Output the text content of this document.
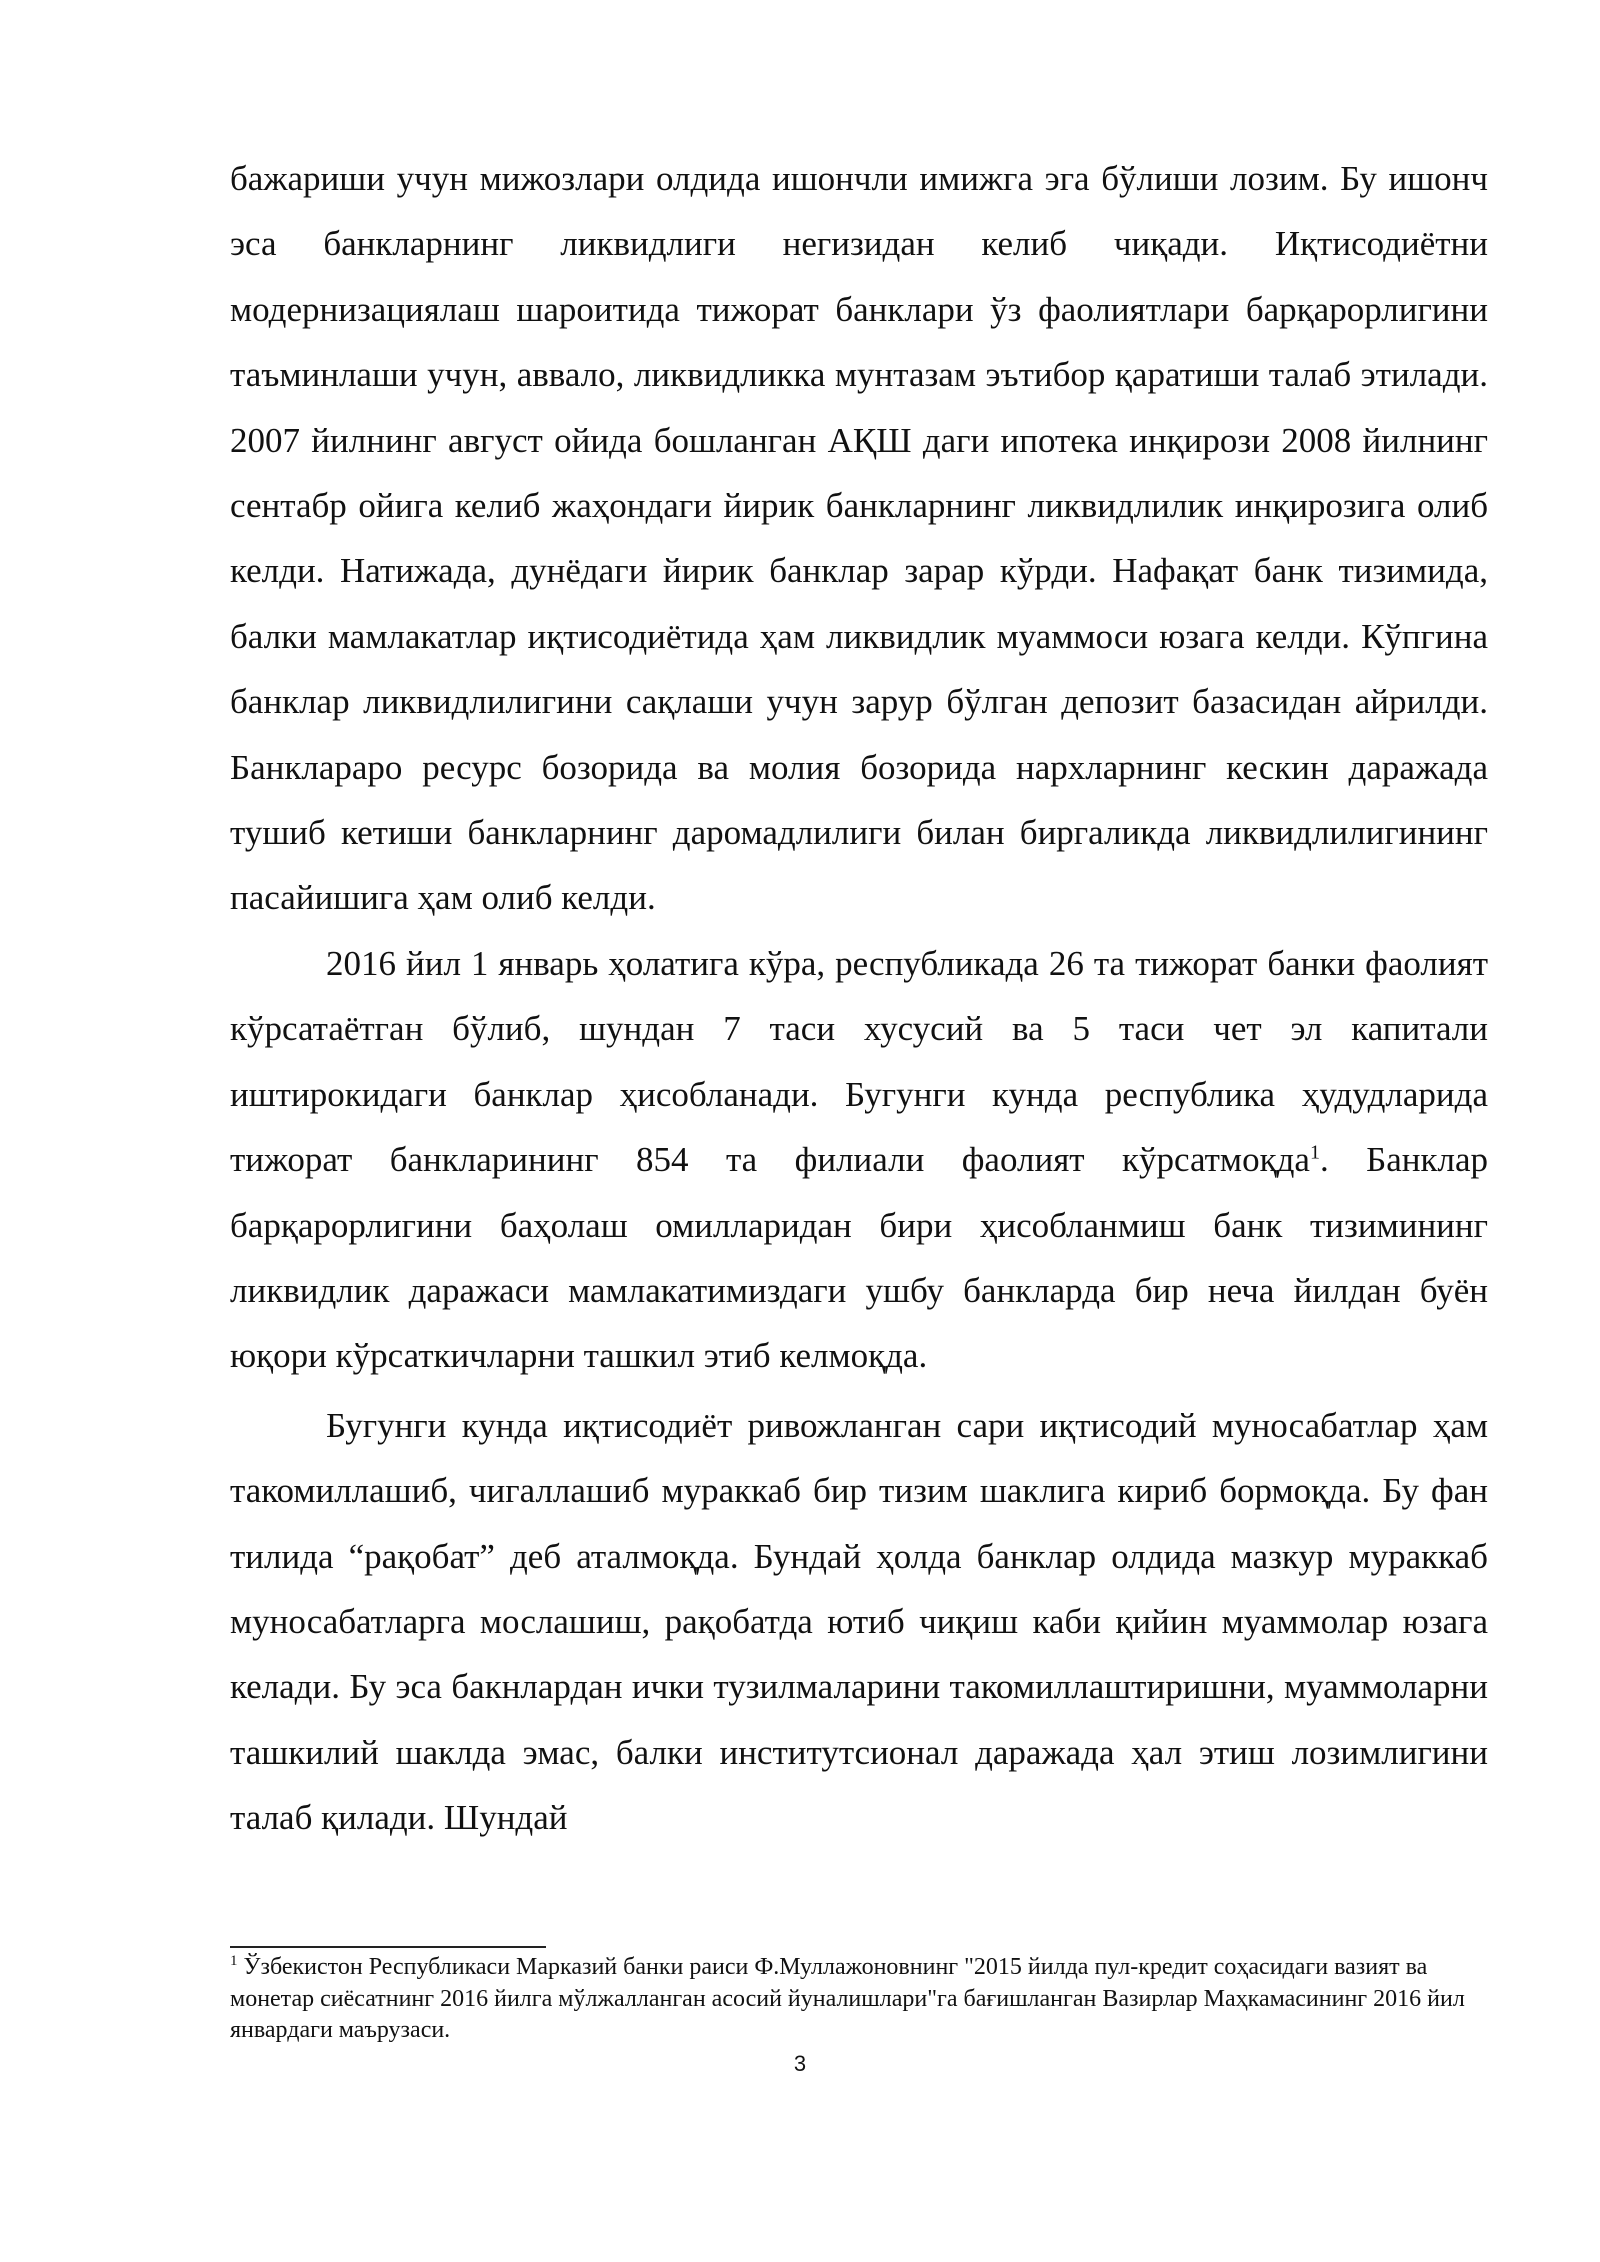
бажариши учун мижозлари олдида ишончли имижга эга бўлиши лозим. Бу ишонч эса банкларнинг ликвидлиги негизидан келиб чиқади. Иқтисодиётни модернизациялаш шароитида тижорат банклари ўз фаолиятлари барқарорлигини таъминлаши учун, аввало, ликвидликка мунтазам эътибор қаратиши талаб этилади. 2007 йилнинг август ойида бошланган АҚШ даги ипотека инқирози 2008 йилнинг сентабр ойига келиб жаҳондаги йирик банкларнинг ликвидлилик инқирозига олиб келди. Натижада, дунёдаги йирик банклар зарар кўрди. Нафақат банк тизимида, балки мамлакатлар иқтисодиётида ҳам ликвидлик муаммоси юзага келди. Кўпгина банклар ликвидлилигини сақлаши учун зарур бўлган депозит базасидан айрилди. Банклараро ресурс бозорида ва молия бозорида нархларнинг кескин даражада тушиб кетиши банкларнинг даромадлилиги билан биргаликда ликвидлилигининг пасайишига ҳам олиб келди.

2016 йил 1 январь ҳолатига кўра, республикада 26 та тижорат банки фаолият кўрсатаётган бўлиб, шундан 7 таси хусусий ва 5 таси чет эл капитали иштирокидаги банклар ҳисобланади. Бугунги кунда республика ҳудудларида тижорат банкларининг 854 та филиали фаолият кўрсатмоқда$^1$. Банклар барқарорлигини баҳолаш омилларидан бири ҳисобланмиш банк тизимининг ликвидлик даражаси мамлакатимиздаги ушбу банкларда бир неча йилдан буён юқори кўрсаткичларни ташкил этиб келмоқда.

Бугунги кунда иқтисодиёт ривожланган сари иқтисодий муносабатлар ҳам такомиллашиб, чигаллашиб мураккаб бир тизим шаклига кириб бормоқда. Бу фан тилида “рақобат” деб аталмоқда. Бундай ҳолда банклар олдида мазкур мураккаб муносабатларга мослашиш, рақобатда ютиб чиқиш каби қийин муаммолар юзага келади. Бу эса бакнлардан ички тузилмаларини такомиллаштиришни, муаммоларни ташкилий шаклда эмас, балки институтсионал даражада ҳал этиш лозимлигини талаб қилади. Шундай

$^1$ Ўзбекистон Республикаси Марказий банки раиси Ф.Муллажоновнинг "2015 йилда пул-кредит соҳасидаги вазият ва монетар сиёсатнинг 2016 йилга мўлжалланган асосий йуналишлари"га бағишланган Вазирлар Маҳкамасининг 2016 йил январдаги маърузаси.

3
